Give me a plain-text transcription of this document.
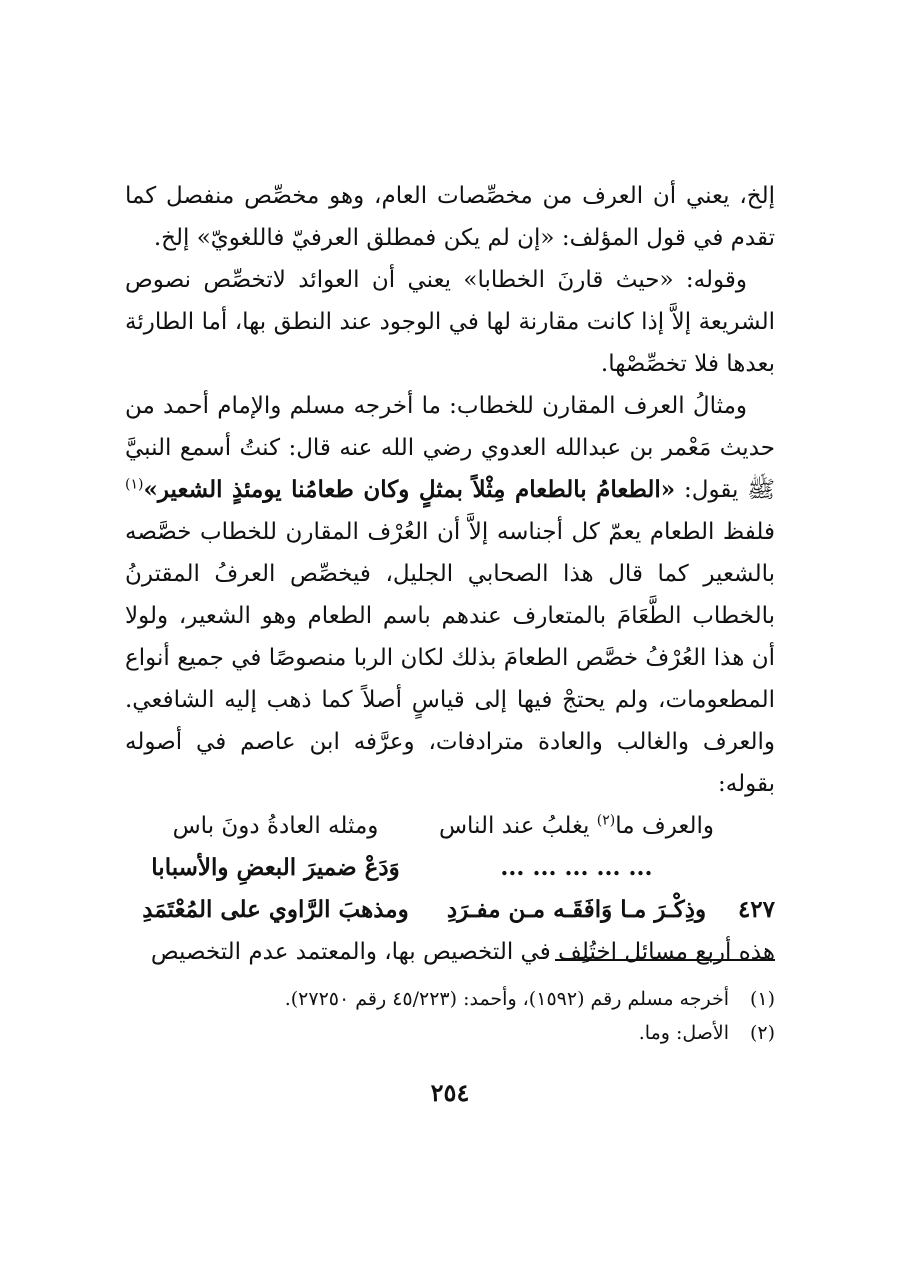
إلخ، يعني أن العرف من مخصِّصات العام، وهو مخصِّص منفصل كما تقدم في قول المؤلف: «إن لم يكن فمطلق العرفيّ فاللغويّ» إلخ.

وقوله: «حيث قارنَ الخطابا» يعني أن العوائد لاتخصِّص نصوص الشريعة إلاَّ إذا كانت مقارنة لها في الوجود عند النطق بها، أما الطارئة بعدها فلا تخصِّصْها.

ومثالُ العرف المقارن للخطاب: ما أخرجه مسلم والإمام أحمد من حديث مَعْمر بن عبدالله العدوي رضي الله عنه قال: كنتُ أسمع النبيَّ ﷺ يقول: «الطعامُ بالطعام مِثْلاً بمثلٍ وكان طعامُنا يومئذٍ الشعير»$^{(١)}$ فلفظ الطعام يعمّ كل أجناسه إلاَّ أن العُرْف المقارن للخطاب خصَّصه بالشعير كما قال هذا الصحابي الجليل، فيخصِّص العرفُ المقترنُ بالخطاب الطَّعَامَ بالمتعارف عندهم باسم الطعام وهو الشعير، ولولا أن هذا العُرْفُ خصَّص الطعامَ بذلك لكان الربا منصوصًا في جميع أنواع المطعومات، ولم يحتجْ فيها إلى قياسٍ أصلاً كما ذهب إليه الشافعي. والعرف والغالب والعادة مترادفات، وعرَّفه ابن عاصم في أصوله بقوله:

والعرف ما$^{(٢)}$ يغلبُ عند الناس
ومثله العادةُ دونَ باس
... ... ... ... ...
وَدَعْ ضميرَ البعضِ والأسبابا
٤٢٧
وذِكْـرَ مـا وَافَقَـه مـن مفـرَدِ
ومذهبَ الرَّاوي على المُعْتَمَدِ

هذه أربع مسائل اختُلِف في التخصيص بها، والمعتمد عدم التخصيص

(١)
أخرجه مسلم رقم (١٥٩٢)، وأحمد: (٤٥/٢٢٣ رقم ٢٧٢٥٠).
(٢)
الأصل: وما.
٢٥٤
